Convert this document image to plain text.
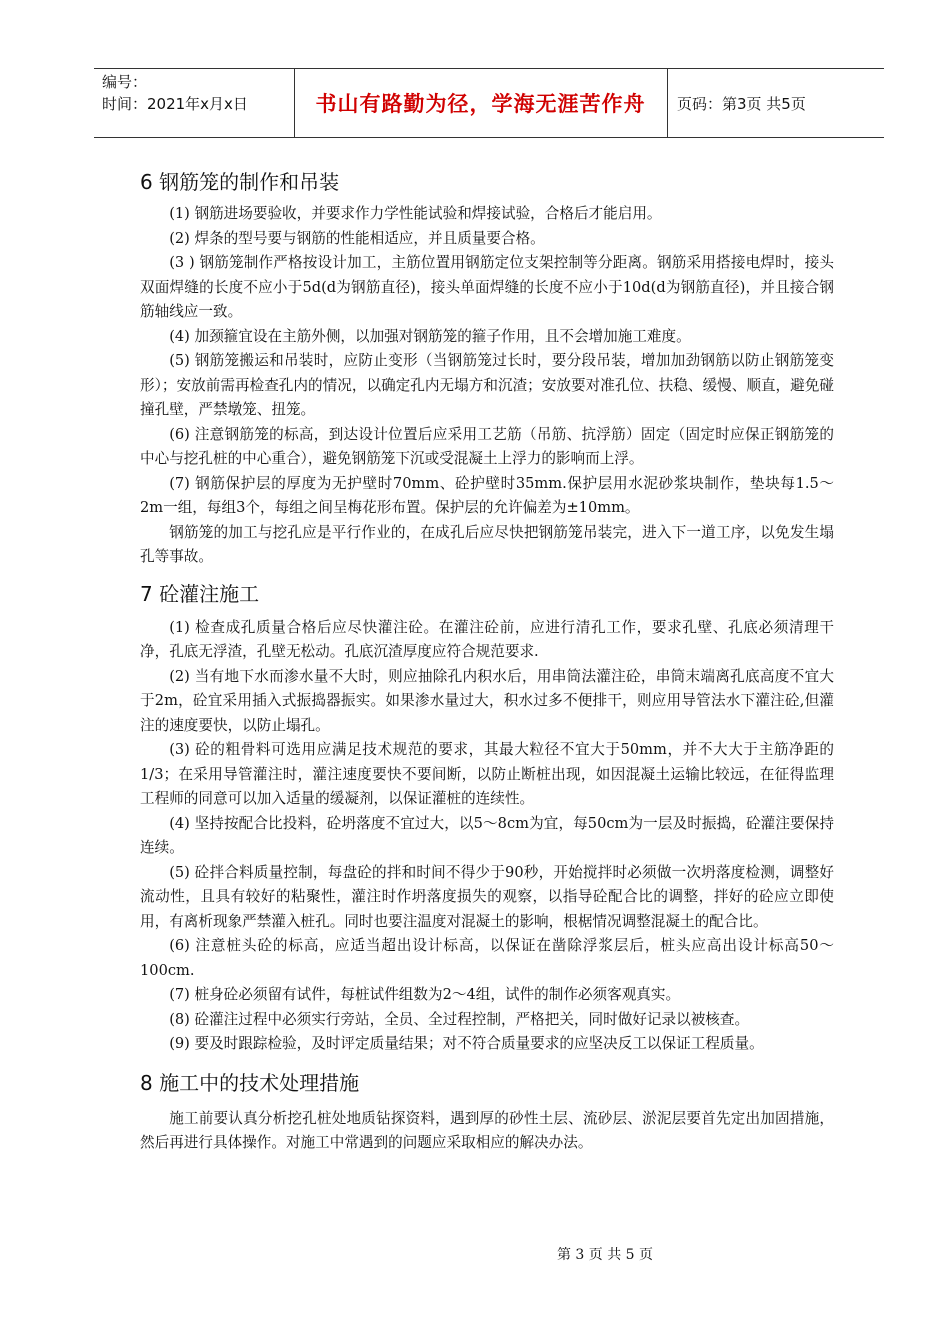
编号：
时间：2021年x月x日	书山有路勤为径，学海无涯苦作舟	页码：第3页 共5页
6 钢筋笼的制作和吊装

(1) 钢筋进场要验收，并要求作力学性能试验和焊接试验，合格后才能启用。

(2) 焊条的型号要与钢筋的性能相适应，并且质量要合格。

(3 ) 钢筋笼制作严格按设计加工，主筋位置用钢筋定位支架控制等分距离。钢筋采用搭接电焊时，接头双面焊缝的长度不应小于5d(d为钢筋直径)，接头单面焊缝的长度不应小于10d(d为钢筋直径)，并且接合钢筋轴线应一致。

(4) 加颈箍宜设在主筋外侧，以加强对钢筋笼的箍子作用，且不会增加施工难度。

(5) 钢筋笼搬运和吊装时，应防止变形（当钢筋笼过长时，要分段吊装，增加加劲钢筋以防止钢筋笼变形）；安放前需再检查孔内的情况，以确定孔内无塌方和沉渣；安放要对准孔位、扶稳、缓慢、顺直，避免碰撞孔壁，严禁墩笼、扭笼。

(6) 注意钢筋笼的标高，到达设计位置后应采用工艺筋（吊筋、抗浮筋）固定（固定时应保正钢筋笼的中心与挖孔桩的中心重合），避免钢筋笼下沉或受混凝土上浮力的影响而上浮。

(7) 钢筋保护层的厚度为无护壁时70mm、砼护壁时35mm.保护层用水泥砂浆块制作，垫块每1.5～2m一组，每组3个，每组之间呈梅花形布置。保护层的允许偏差为±10mm。

钢筋笼的加工与挖孔应是平行作业的，在成孔后应尽快把钢筋笼吊装完，进入下一道工序，以免发生塌孔等事故。

7 砼灌注施工

(1) 检查成孔质量合格后应尽快灌注砼。在灌注砼前，应进行清孔工作，要求孔壁、孔底必须清理干净，孔底无浮渣，孔壁无松动。孔底沉渣厚度应符合规范要求.

(2) 当有地下水而渗水量不大时，则应抽除孔内积水后，用串筒法灌注砼，串筒末端离孔底高度不宜大于2m，砼宜采用插入式振捣器振实。如果渗水量过大，积水过多不便排干，则应用导管法水下灌注砼,但灌注的速度要快，以防止塌孔。

(3) 砼的粗骨料可选用应满足技术规范的要求，其最大粒径不宜大于50mm，并不大大于主筋净距的1/3；在采用导管灌注时，灌注速度要快不要间断，以防止断桩出现，如因混凝土运输比较远，在征得监理工程师的同意可以加入适量的缓凝剂，以保证灌桩的连续性。

(4) 坚持按配合比投料，砼坍落度不宜过大，以5～8cm为宜，每50cm为一层及时振捣，砼灌注要保持连续。

(5) 砼拌合料质量控制，每盘砼的拌和时间不得少于90秒，开始搅拌时必须做一次坍落度检测，调整好流动性，且具有较好的粘聚性，灌注时作坍落度损失的观察，以指导砼配合比的调整，拌好的砼应立即使用，有离析现象严禁灌入桩孔。同时也要注温度对混凝土的影响，根椐情况调整混凝土的配合比。

(6) 注意桩头砼的标高，应适当超出设计标高，以保证在凿除浮浆层后，桩头应高出设计标高50～100cm.

(7) 桩身砼必须留有试件，每桩试件组数为2～4组，试件的制作必须客观真实。

(8) 砼灌注过程中必须实行旁站，全员、全过程控制，严格把关，同时做好记录以被核查。

(9) 要及时跟踪检验，及时评定质量结果；对不符合质量要求的应坚决反工以保证工程质量。

8 施工中的技术处理措施

施工前要认真分析挖孔桩处地质钻探资料，遇到厚的砂性土层、流砂层、淤泥层要首先定出加固措施，然后再进行具体操作。对施工中常遇到的问题应采取相应的解决办法。

第 3 页 共 5 页
